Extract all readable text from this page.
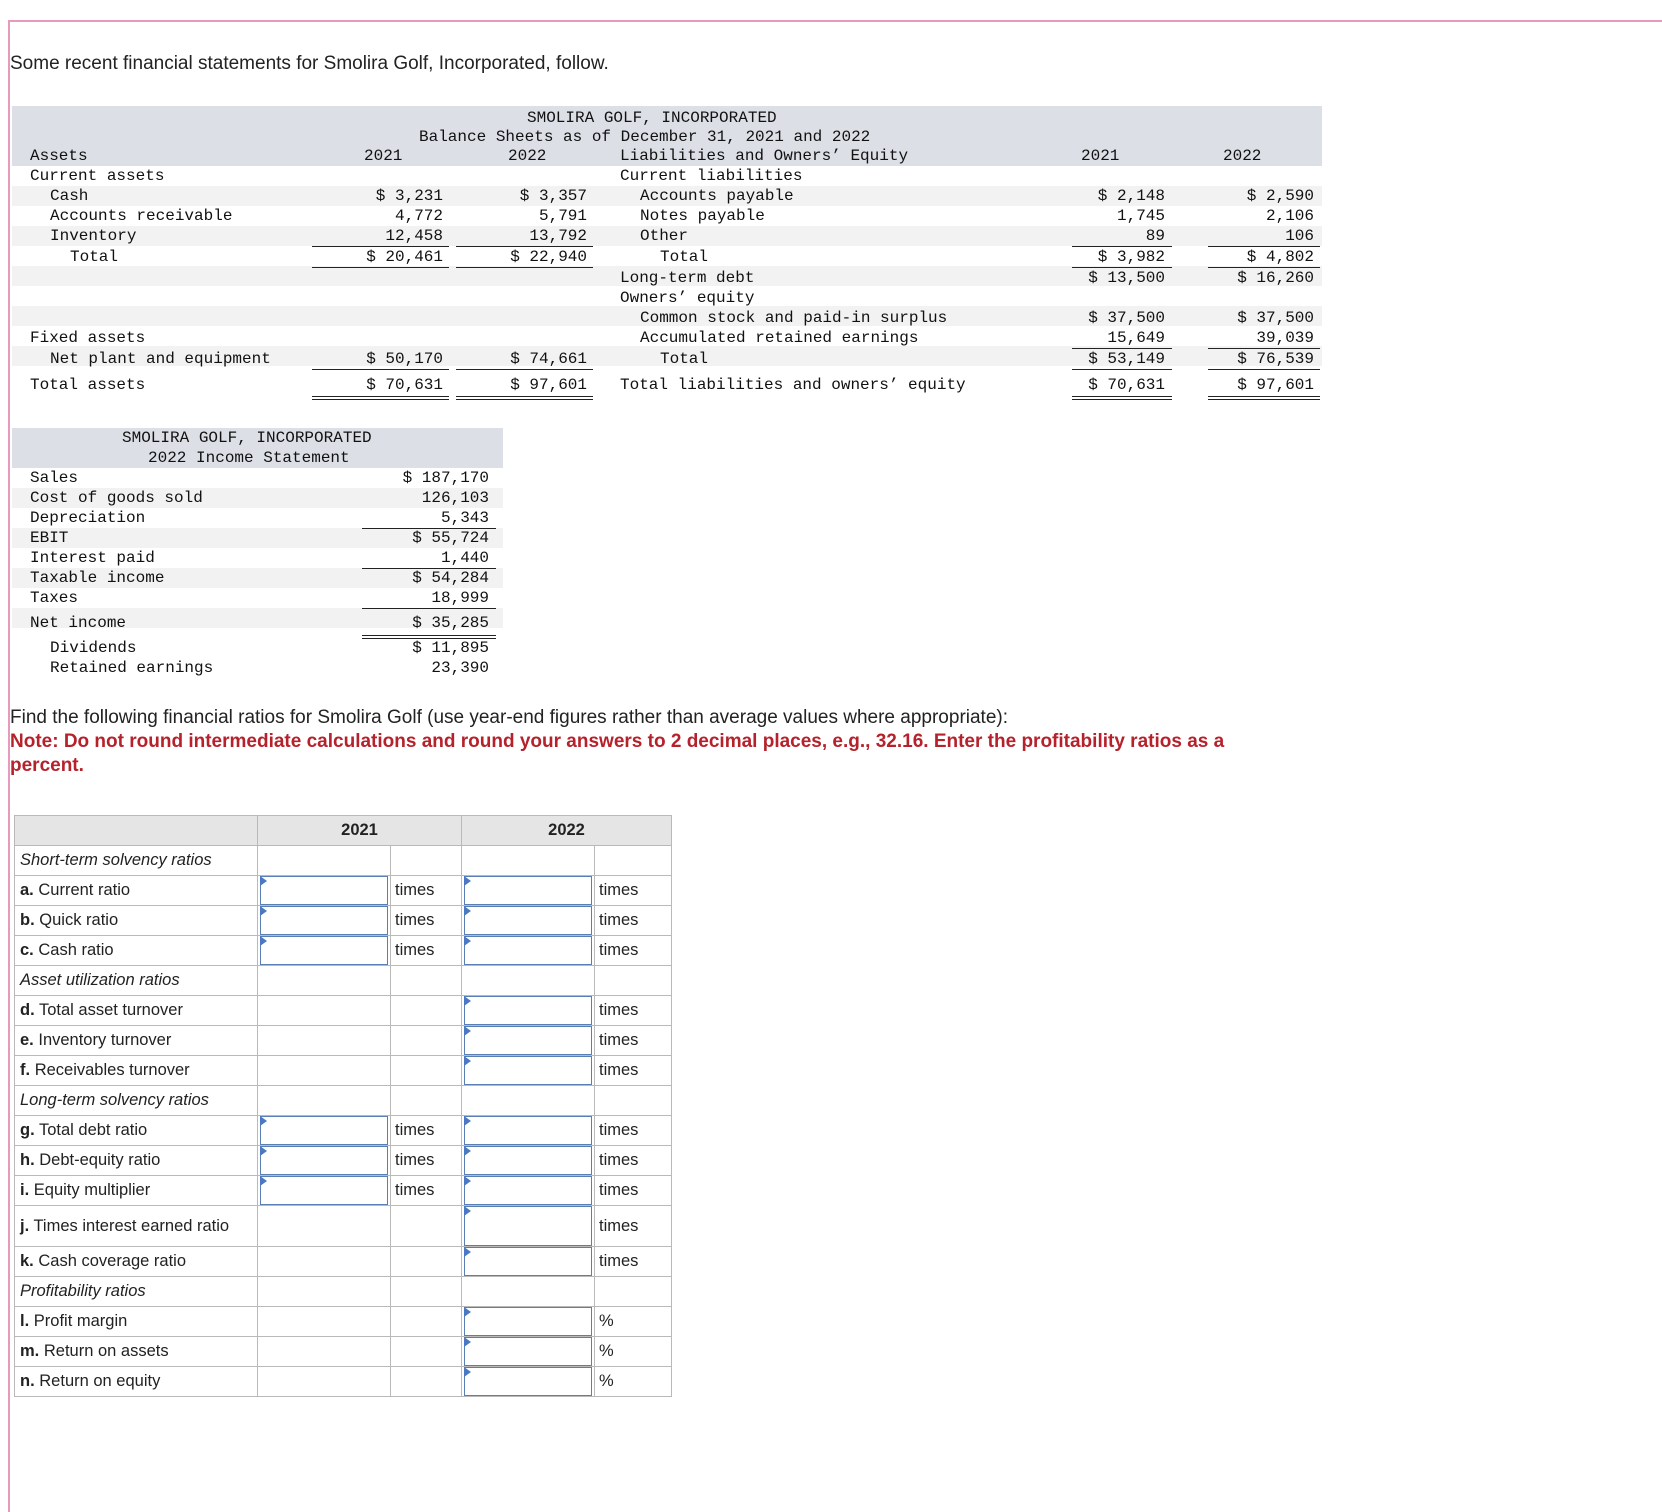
Some recent financial statements for Smolira Golf, Incorporated, follow.
SMOLIRA GOLF, INCORPORATED
Balance Sheets as of December 31, 2021 and 2022
Assets	2021	2022	Liabilities and Owners’ Equity	2021	2022
Current assets
Cash	$ 3,231	$ 3,357
Accounts receivable	4,772	5,791
Inventory	12,458	13,792
Total	$ 20,461	$ 22,940
Fixed assets
Net plant and equipment	$ 50,170	$ 74,661
Total assets	$ 70,631	$ 97,601
Current liabilities
Accounts payable	$ 2,148	$ 2,590
Notes payable	1,745	2,106
Other	89	106
Total	$ 3,982	$ 4,802
Long-term debt	$ 13,500	$ 16,260
Owners’ equity
Common stock and paid-in surplus	$ 37,500	$ 37,500
Accumulated retained earnings	15,649	39,039
Total	$ 53,149	$ 76,539
Total liabilities and owners’ equity	$ 70,631	$ 97,601
SMOLIRA GOLF, INCORPORATED
2022 Income Statement
Sales	$ 187,170
Cost of goods sold	126,103
Depreciation	5,343
EBIT	$ 55,724
Interest paid	1,440
Taxable income	$ 54,284
Taxes	18,999
Net income	$ 35,285
Dividends	$ 11,895
Retained earnings	23,390
Find the following financial ratios for Smolira Golf (use year-end figures rather than average values where appropriate):
Note: Do not round intermediate calculations and round your answers to 2 decimal places, e.g., 32.16. Enter the profitability ratios as a percent.
	2021		2022	
Short-term solvency ratios				
a. Current ratio		times		times
b. Quick ratio		times		times
c. Cash ratio		times		times
Asset utilization ratios				
d. Total asset turnover				times
e. Inventory turnover				times
f. Receivables turnover				times
Long-term solvency ratios				
g. Total debt ratio		times		times
h. Debt-equity ratio		times		times
i. Equity multiplier		times		times
j. Times interest earned ratio				times
k. Cash coverage ratio				times
Profitability ratios				
l. Profit margin				%
m. Return on assets				%
n. Return on equity				%
